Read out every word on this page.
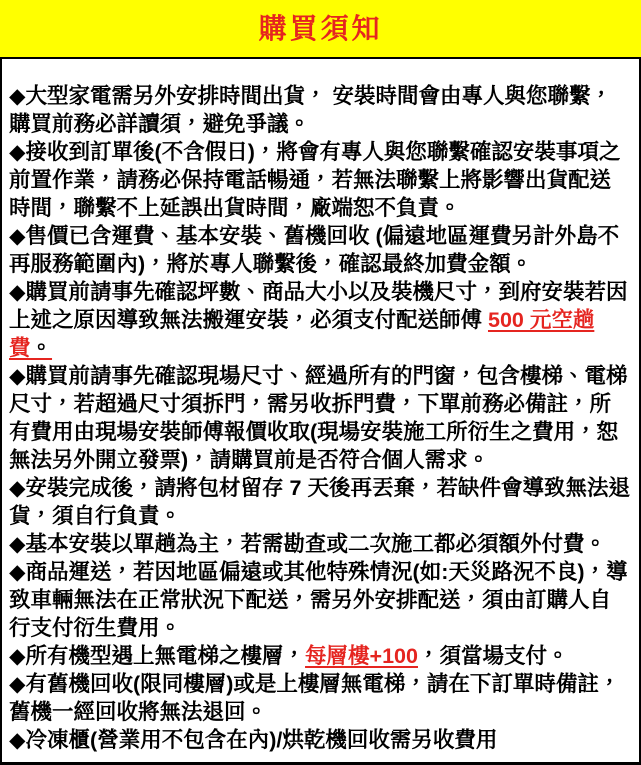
購買須知

◆大型家電需另外安排時間出貨， 安裝時間會由專人與您聯繫，購買前務必詳讀須，避免爭議。

◆接收到訂單後(不含假日)，將會有專人與您聯繫確認安裝事項之前置作業，請務必保持電話暢通，若無法聯繫上將影響出貨配送時間，聯繫不上延誤出貨時間，廠端恕不負責。

◆售價已含運費、基本安裝、舊機回收 (偏遠地區運費另計外島不再服務範圍內)，將於專人聯繫後，確認最終加費金額。

◆購買前請事先確認坪數、商品大小以及裝機尺寸，到府安裝若因上述之原因導致無法搬運安裝，必須支付配送師傅 500 元空趟費。

◆購買前請事先確認現場尺寸、經過所有的門窗，包含樓梯、電梯尺寸，若超過尺寸須拆門，需另收拆門費，下單前務必備註，所有費用由現場安裝師傅報價收取(現場安裝施工所衍生之費用，恕無法另外開立發票)，請購買前是否符合個人需求。

◆安裝完成後，請將包材留存 7 天後再丟棄，若缺件會導致無法退貨，須自行負責。

◆基本安裝以單趟為主，若需勘查或二次施工都必須額外付費。

◆商品運送，若因地區偏遠或其他特殊情況(如:天災路況不良)，導致車輛無法在正常狀況下配送，需另外安排配送，須由訂購人自行支付衍生費用。

◆所有機型遇上無電梯之樓層，每層樓+100，須當場支付。

◆有舊機回收(限同樓層)或是上樓層無電梯，請在下訂單時備註，舊機一經回收將無法退回。

◆冷凍櫃(營業用不包含在內)/烘乾機回收需另收費用
